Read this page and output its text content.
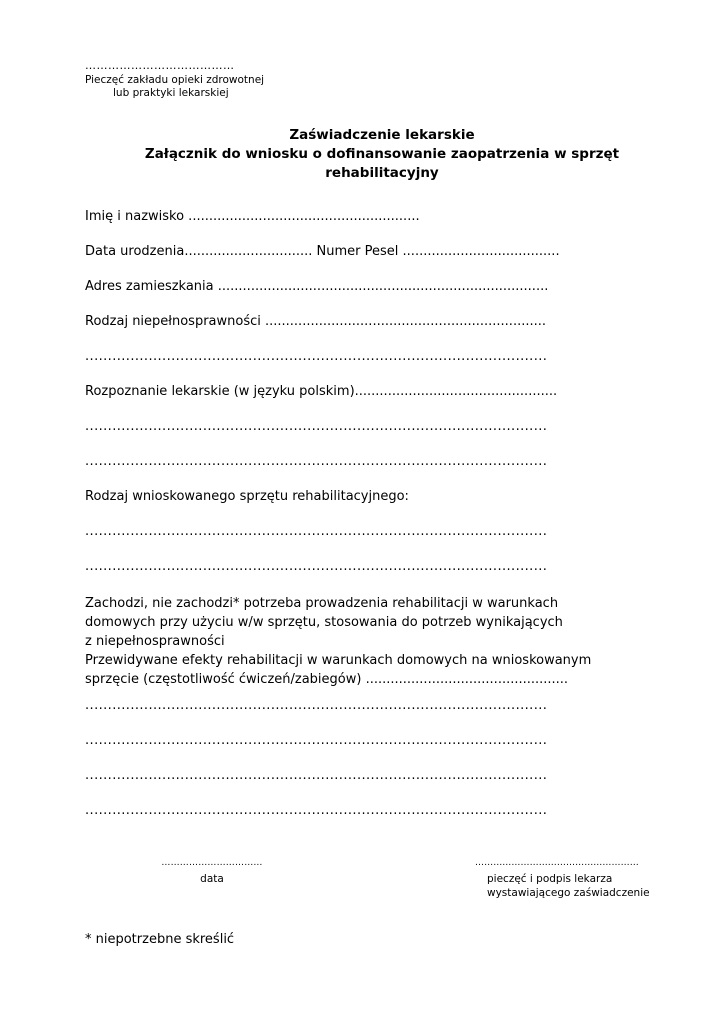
…………………………………

Pieczęć zakładu opieki zdrowotnej

lub praktyki lekarskiej

Zaświadczenie lekarskie
Załącznik do wniosku o dofinansowanie zaopatrzenia w sprzęt
rehabilitacyjny
Imię i nazwisko ........................................................
Data urodzenia............................... Numer Pesel ......................................
Adres zamieszkania ................................................................................
Rodzaj niepełnosprawności ....................................................................
......................................................................................................
Rozpoznanie lekarskie (w języku polskim).................................................
......................................................................................................
......................................................................................................
Rodzaj wnioskowanego sprzętu rehabilitacyjnego:
......................................................................................................
......................................................................................................
Zachodzi, nie zachodzi* potrzeba prowadzenia rehabilitacji w warunkach
domowych przy użyciu w/w sprzętu, stosowania do potrzeb wynikających
z niepełnosprawności
Przewidywane efekty rehabilitacji w warunkach domowych na wnioskowanym
sprzęcie (częstotliwość ćwiczeń/zabiegów) .................................................
......................................................................................................
......................................................................................................
......................................................................................................
......................................................................................................
……………………………
data
………………………………………………
pieczęć i podpis lekarza
wystawiającego zaświadczenie
* niepotrzebne skreślić
